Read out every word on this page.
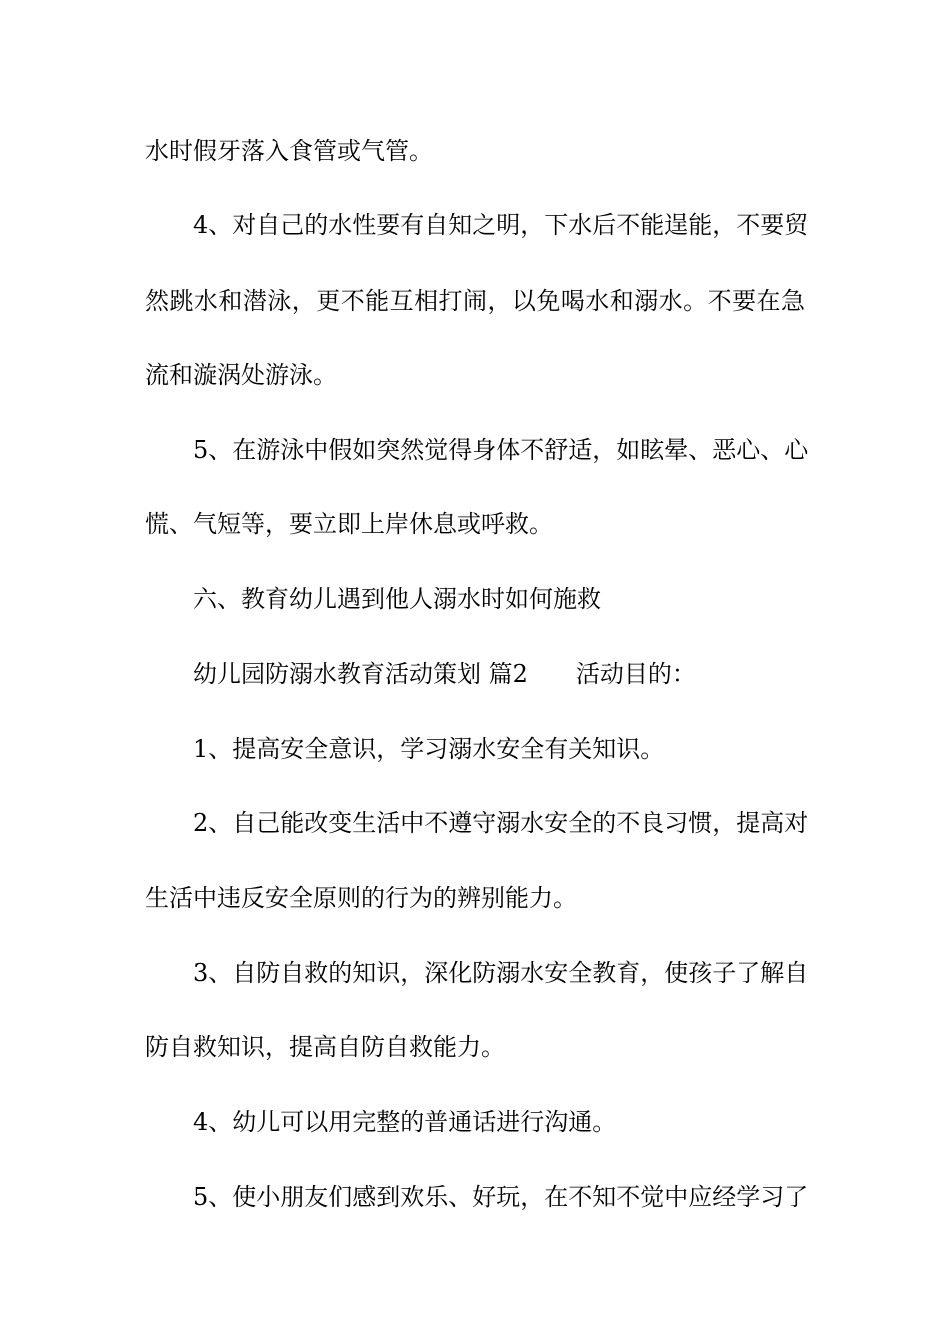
水时假牙落入食管或气管。
4、对自己的水性要有自知之明，下水后不能逞能，不要贸
然跳水和潜泳，更不能互相打闹，以免喝水和溺水。不要在急
流和漩涡处游泳。
5、在游泳中假如突然觉得身体不舒适，如眩晕、恶心、心
慌、气短等，要立即上岸休息或呼救。
六、教育幼儿遇到他人溺水时如何施救
幼儿园防溺水教育活动策划 篇2 活动目的：
1、提高安全意识，学习溺水安全有关知识。
2、自己能改变生活中不遵守溺水安全的不良习惯，提高对
生活中违反安全原则的行为的辨别能力。
3、自防自救的知识，深化防溺水安全教育，使孩子了解自
防自救知识，提高自防自救能力。
4、幼儿可以用完整的普通话进行沟通。
5、使小朋友们感到欢乐、好玩，在不知不觉中应经学习了
